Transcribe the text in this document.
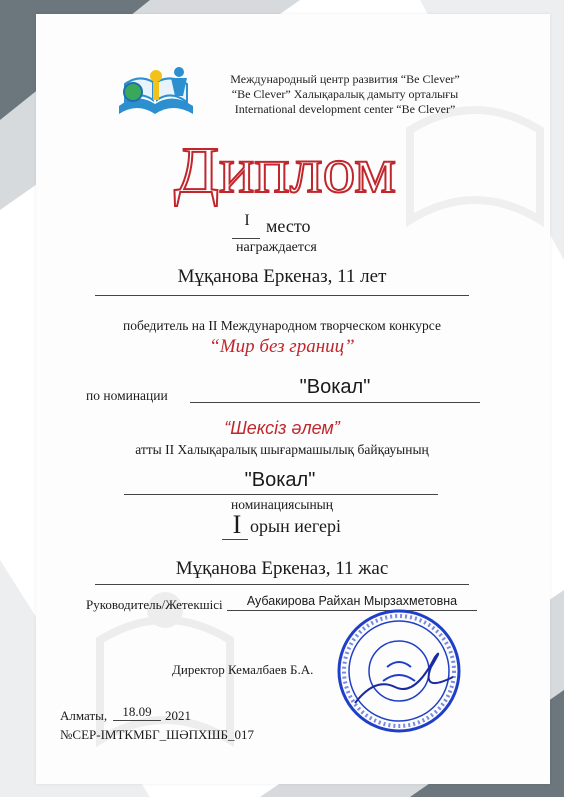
Международный центр развития “Be Clever”
“Be Clever” Халықаралық дамыту орталығы
International development center “Be Clever”
Диплом
I место
награждается
Мұқанова Еркеназ, 11 лет
победитель на II Международном творческом конкурсе
“Мир без границ”
по номинации	"Вокал"
“Шексіз әлем”
атты II Халықаралық шығармашылық байқауының
"Вокал"
номинациясының
I орын иегері
Мұқанова Еркеназ, 11 жас
Руководитель/Жетекшісі	Аубакирова Райхан Мырзахметовна
Директор Кемалбаев Б.А.
Алматы,	18.09	2021
№СЕР-ІМТКМБГ_ШӘПХШБ_017
